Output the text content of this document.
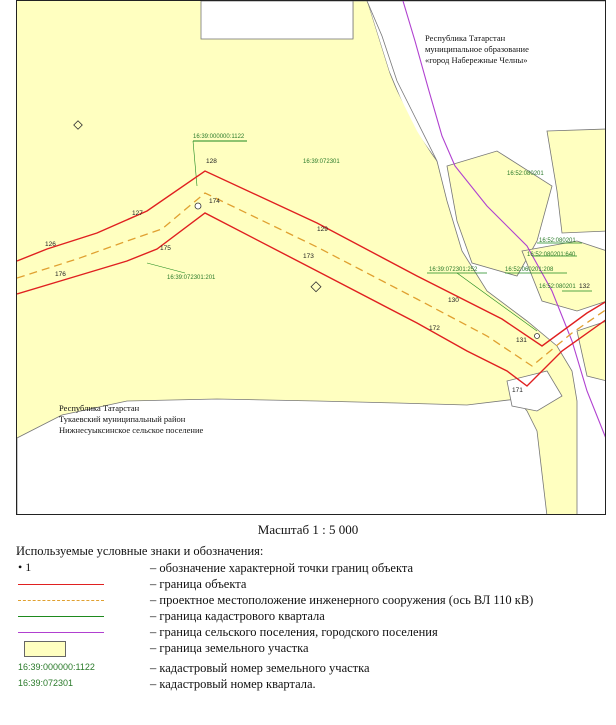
Республика Татарстан
муниципальное образование
«город Набережные Челны»
Республика Татарстан
Тукаевский муниципальный район
Нижнесуыксинское сельское поселение
16:39:000000:1122
16:39:072301
16:39:072301:201
16:52:080201
16:52:080201
16:52:080201:640
16:39:072301:252	16:52:060201:208
16:52:080201
126
127
128
129
130
131
132
171
172
173
174
175
176
Масштаб 1 : 5 000
Используемые условные знаки и обозначения:
• 1	– обозначение характерной точки границ объекта
– граница объекта
– проектное местоположение инженерного сооружения (ось ВЛ 110 кВ)
– граница кадастрового квартала
– граница сельского поселения, городского поселения
– граница земельного участка
16:39:000000:1122	– кадастровый номер земельного участка
16:39:072301	– кадастровый номер квартала.
